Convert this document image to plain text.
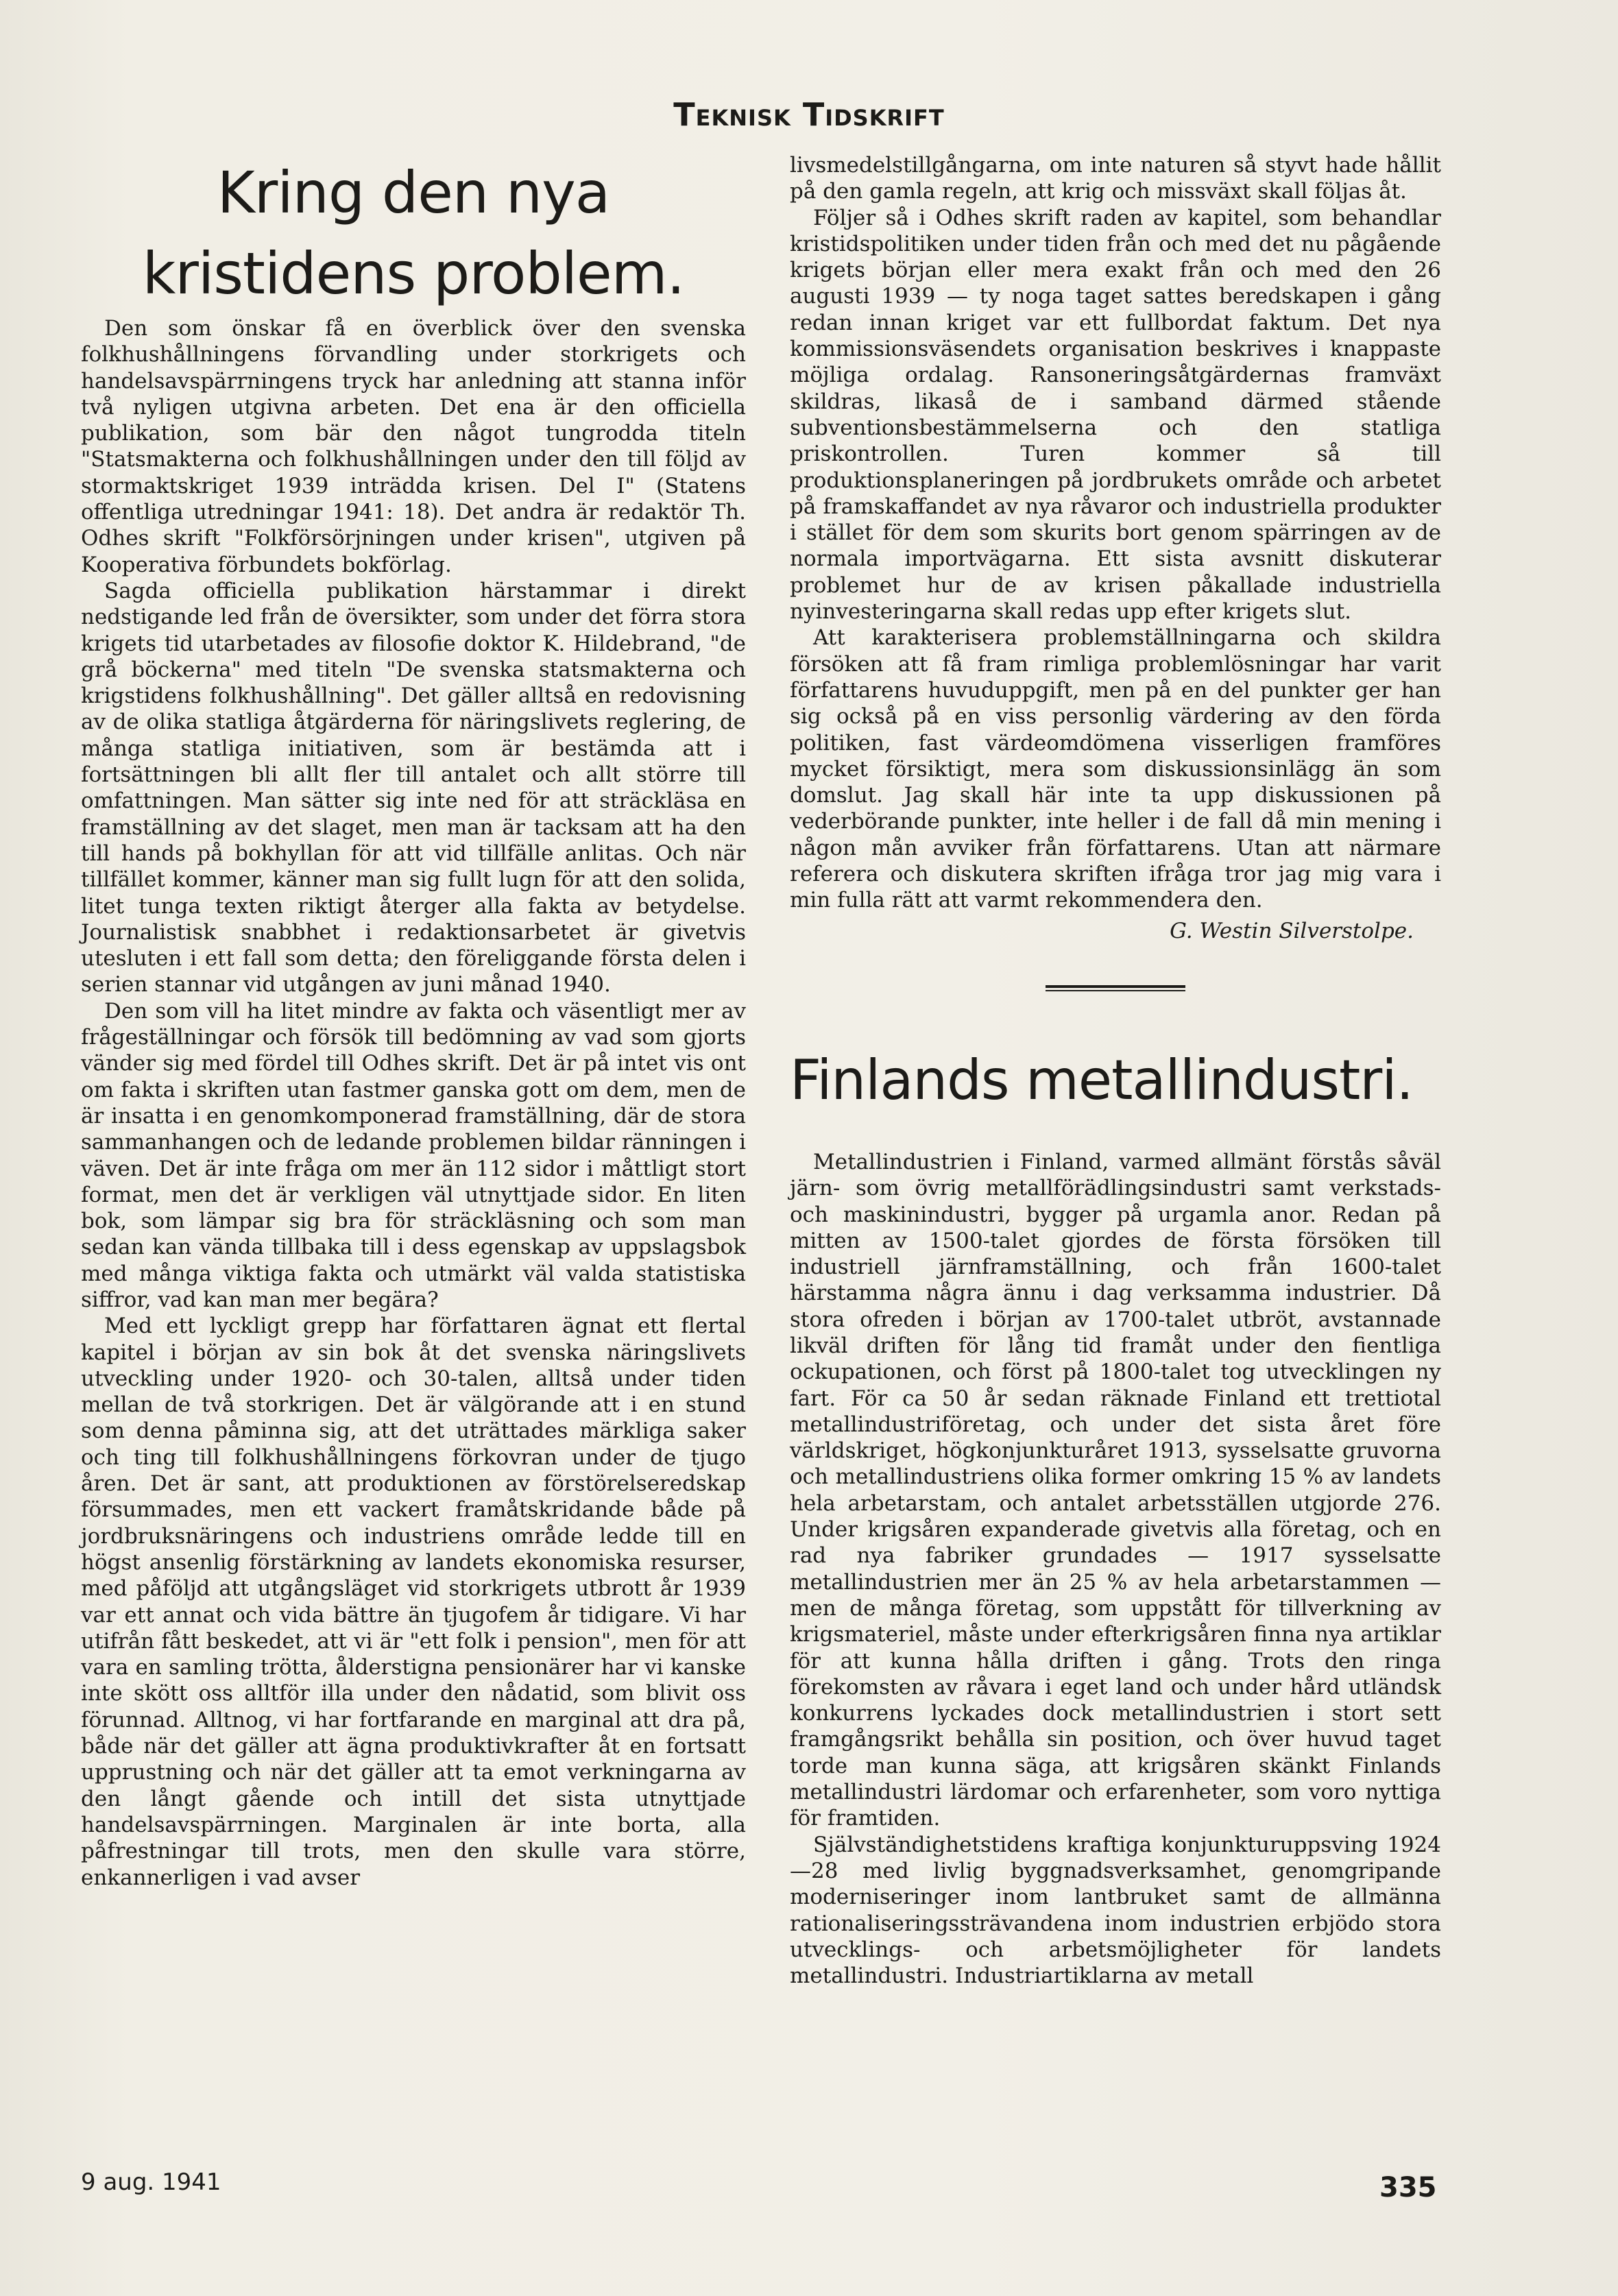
Teknisk Tidskrift
Kring den nya kristidens problem.

Den som önskar få en överblick över den svenska folkhushållningens förvandling under storkrigets och handelsavspärrningens tryck har anledning att stanna inför två nyligen utgivna arbeten. Det ena är den officiella publikation, som bär den något tungrodda titeln "Statsmakterna och folkhushållningen under den till följd av stormaktskriget 1939 inträdda krisen. Del I" (Statens offentliga utredningar 1941: 18). Det andra är redaktör Th. Odhes skrift "Folkförsörjningen under krisen", utgiven på Kooperativa förbundets bokförlag.

Sagda officiella publikation härstammar i direkt nedstigande led från de översikter, som under det förra stora krigets tid utarbetades av filosofie doktor K. Hildebrand, "de grå böckerna" med titeln "De svenska statsmakterna och krigstidens folkhushållning". Det gäller alltså en redovisning av de olika statliga åtgärderna för näringslivets reglering, de många statliga initiativen, som är bestämda att i fortsättningen bli allt fler till antalet och allt större till omfattningen. Man sätter sig inte ned för att sträckläsa en framställning av det slaget, men man är tacksam att ha den till hands på bokhyllan för att vid tillfälle anlitas. Och när tillfället kommer, känner man sig fullt lugn för att den solida, litet tunga texten riktigt återger alla fakta av betydelse. Journalistisk snabbhet i redaktionsarbetet är givetvis utesluten i ett fall som detta; den föreliggande första delen i serien stannar vid utgången av juni månad 1940.

Den som vill ha litet mindre av fakta och väsentligt mer av frågeställningar och försök till bedömning av vad som gjorts vänder sig med fördel till Odhes skrift. Det är på intet vis ont om fakta i skriften utan fastmer ganska gott om dem, men de är insatta i en genomkomponerad framställning, där de stora sammanhangen och de ledande problemen bildar ränningen i väven. Det är inte fråga om mer än 112 sidor i måttligt stort format, men det är verkligen väl utnyttjade sidor. En liten bok, som lämpar sig bra för sträckläsning och som man sedan kan vända tillbaka till i dess egenskap av uppslagsbok med många viktiga fakta och utmärkt väl valda statistiska siffror, vad kan man mer begära?

Med ett lyckligt grepp har författaren ägnat ett flertal kapitel i början av sin bok åt det svenska näringslivets utveckling under 1920- och 30-talen, alltså under tiden mellan de två storkrigen. Det är välgörande att i en stund som denna påminna sig, att det uträttades märkliga saker och ting till folkhushållningens förkovran under de tjugo åren. Det är sant, att produktionen av förstörelseredskap försummades, men ett vackert framåtskridande både på jordbruksnäringens och industriens område ledde till en högst ansenlig förstärkning av landets ekonomiska resurser, med påföljd att utgångsläget vid storkrigets utbrott år 1939 var ett annat och vida bättre än tjugofem år tidigare. Vi har utifrån fått beskedet, att vi är "ett folk i pension", men för att vara en samling trötta, ålderstigna pensionärer har vi kanske inte skött oss alltför illa under den nådatid, som blivit oss förunnad. Alltnog, vi har fortfarande en marginal att dra på, både när det gäller att ägna produktivkrafter åt en fortsatt upprustning och när det gäller att ta emot verkningarna av den långt gående och intill det sista utnyttjade handelsavspärrningen. Marginalen är inte borta, alla påfrestningar till trots, men den skulle vara större, enkannerligen i vad avser

livsmedelstillgångarna, om inte naturen så styvt hade hållit på den gamla regeln, att krig och missväxt skall följas åt.

Följer så i Odhes skrift raden av kapitel, som behandlar kristidspolitiken under tiden från och med det nu pågående krigets början eller mera exakt från och med den 26 augusti 1939 — ty noga taget sattes beredskapen i gång redan innan kriget var ett fullbordat faktum. Det nya kommissionsväsendets organisation beskrives i knappaste möjliga ordalag. Ransoneringsåtgärdernas framväxt skildras, likaså de i samband därmed stående subventionsbestämmelserna och den statliga priskontrollen. Turen kommer så till produktionsplaneringen på jordbrukets område och arbetet på framskaffandet av nya råvaror och industriella produkter i stället för dem som skurits bort genom spärringen av de normala importvägarna. Ett sista avsnitt diskuterar problemet hur de av krisen påkallade industriella nyinvesteringarna skall redas upp efter krigets slut.

Att karakterisera problemställningarna och skildra försöken att få fram rimliga problemlösningar har varit författarens huvuduppgift, men på en del punkter ger han sig också på en viss personlig värdering av den förda politiken, fast värdeomdömena visserligen framföres mycket försiktigt, mera som diskussionsinlägg än som domslut. Jag skall här inte ta upp diskussionen på vederbörande punkter, inte heller i de fall då min mening i någon mån avviker från författarens. Utan att närmare referera och diskutera skriften ifråga tror jag mig vara i min fulla rätt att varmt rekommendera den.

G. Westin Silverstolpe.

Finlands metallindustri.

Metallindustrien i Finland, varmed allmänt förstås såväl järn- som övrig metallförädlingsindustri samt verkstads- och maskinindustri, bygger på urgamla anor. Redan på mitten av 1500-talet gjordes de första försöken till industriell järnframställning, och från 1600-talet härstamma några ännu i dag verksamma industrier. Då stora ofreden i början av 1700-talet utbröt, avstannade likväl driften för lång tid framåt under den fientliga ockupationen, och först på 1800-talet tog utvecklingen ny fart. För ca 50 år sedan räknade Finland ett trettiotal metallindustriföretag, och under det sista året före världskriget, högkonjunkturåret 1913, sysselsatte gruvorna och metallindustriens olika former omkring 15 % av landets hela arbetarstam, och antalet arbetsställen utgjorde 276. Under krigsåren expanderade givetvis alla företag, och en rad nya fabriker grundades — 1917 sysselsatte metallindustrien mer än 25 % av hela arbetarstammen — men de många företag, som uppstått för tillverkning av krigsmateriel, måste under efterkrigsåren finna nya artiklar för att kunna hålla driften i gång. Trots den ringa förekomsten av råvara i eget land och under hård utländsk konkurrens lyckades dock metallindustrien i stort sett framgångsrikt behålla sin position, och över huvud taget torde man kunna säga, att krigsåren skänkt Finlands metallindustri lärdomar och erfarenheter, som voro nyttiga för framtiden.

Självständighetstidens kraftiga konjunkturuppsving 1924—28 med livlig byggnadsverksamhet, genomgripande moderniseringer inom lantbruket samt de allmänna rationaliseringssträvandena inom industrien erbjödo stora utvecklings- och arbetsmöjligheter för landets metallindustri. Industriartiklarna av metall

9 aug. 1941	335
